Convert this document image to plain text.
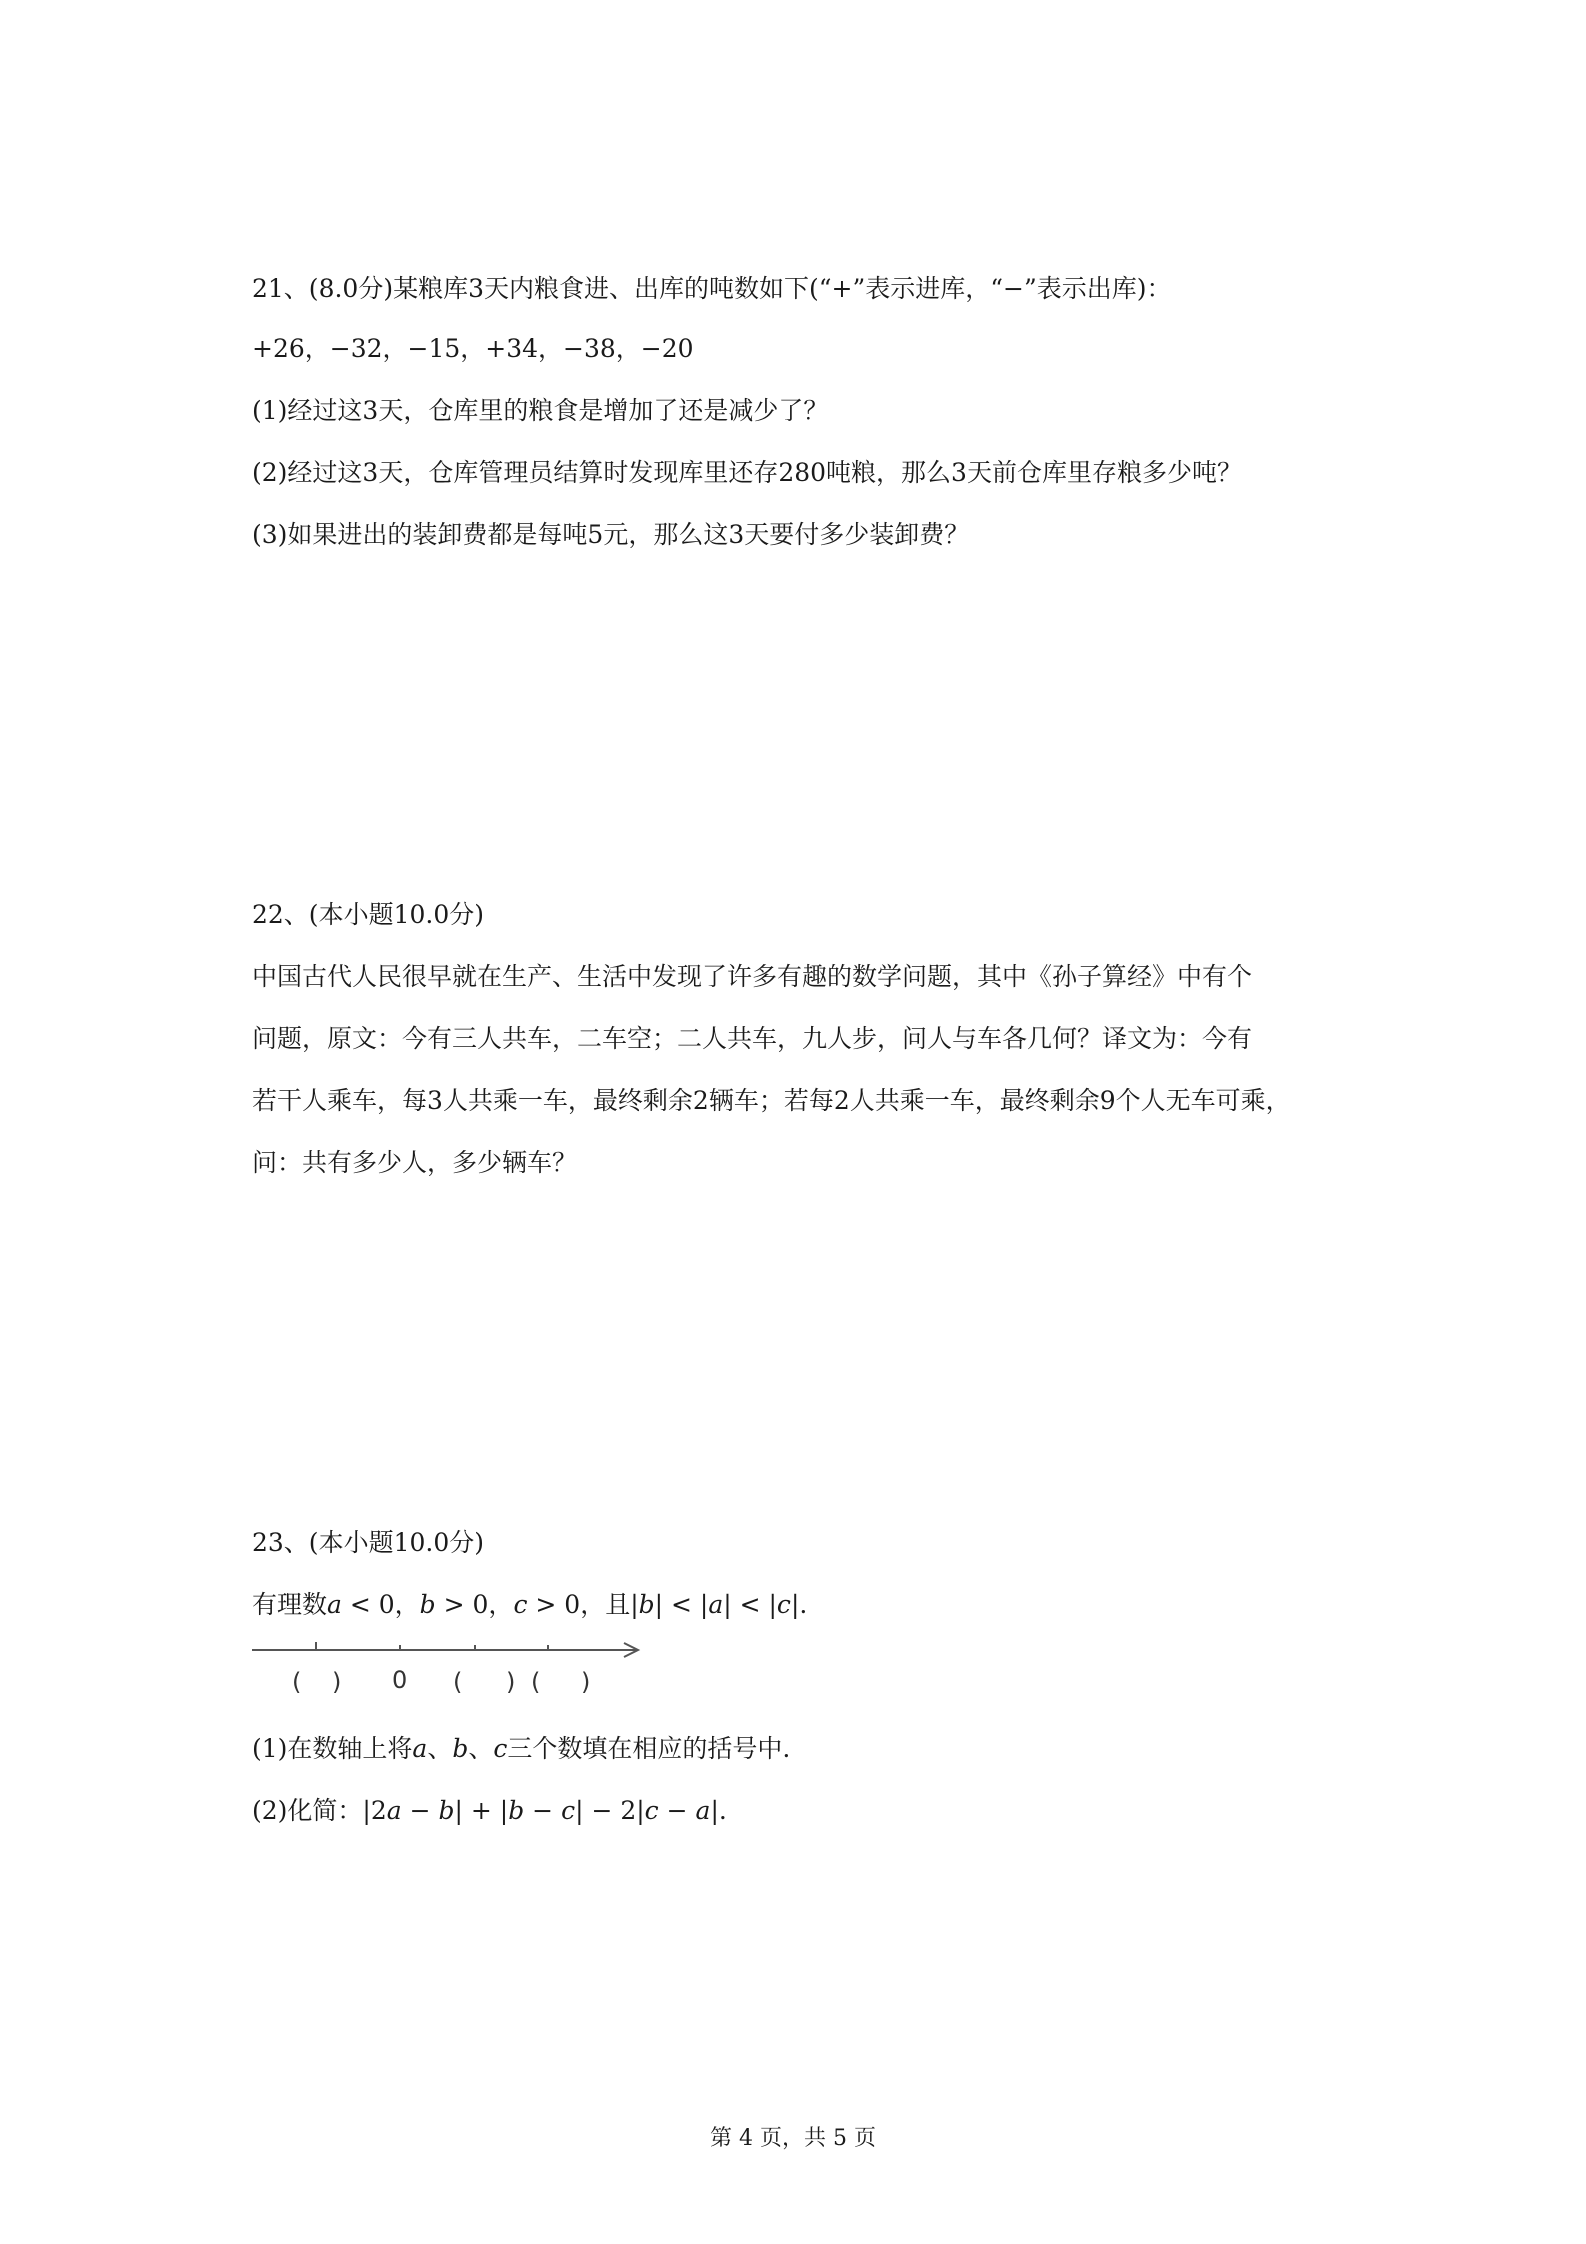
21、(8.0分)某粮库3天内粮食进、出库的吨数如下(“+”表示进库，“−”表示出库)：
+26，−32，−15，+34，−38，−20
(1)经过这3天，仓库里的粮食是增加了还是减少了？
(2)经过这3天，仓库管理员结算时发现库里还存280吨粮，那么3天前仓库里存粮多少吨？
(3)如果进出的装卸费都是每吨5元，那么这3天要付多少装卸费？
22、(本小题10.0分)
中国古代人民很早就在生产、生活中发现了许多有趣的数学问题，其中《孙子算经》中有个
问题，原文：今有三人共车，二车空；二人共车，九人步，问人与车各几何？译文为：今有
若干人乘车，每3人共乘一车，最终剩余2辆车；若每2人共乘一车，最终剩余9个人无车可乘，
问：共有多少人，多少辆车？
23、(本小题10.0分)
有理数a < 0，b > 0，c > 0，且|b| < |a| < |c|.
( ) 0 ( ) ( )
(1)在数轴上将a、b、c三个数填在相应的括号中.
(2)化简：|2a − b| + |b − c| − 2|c − a|.
第 4 页，共 5 页
